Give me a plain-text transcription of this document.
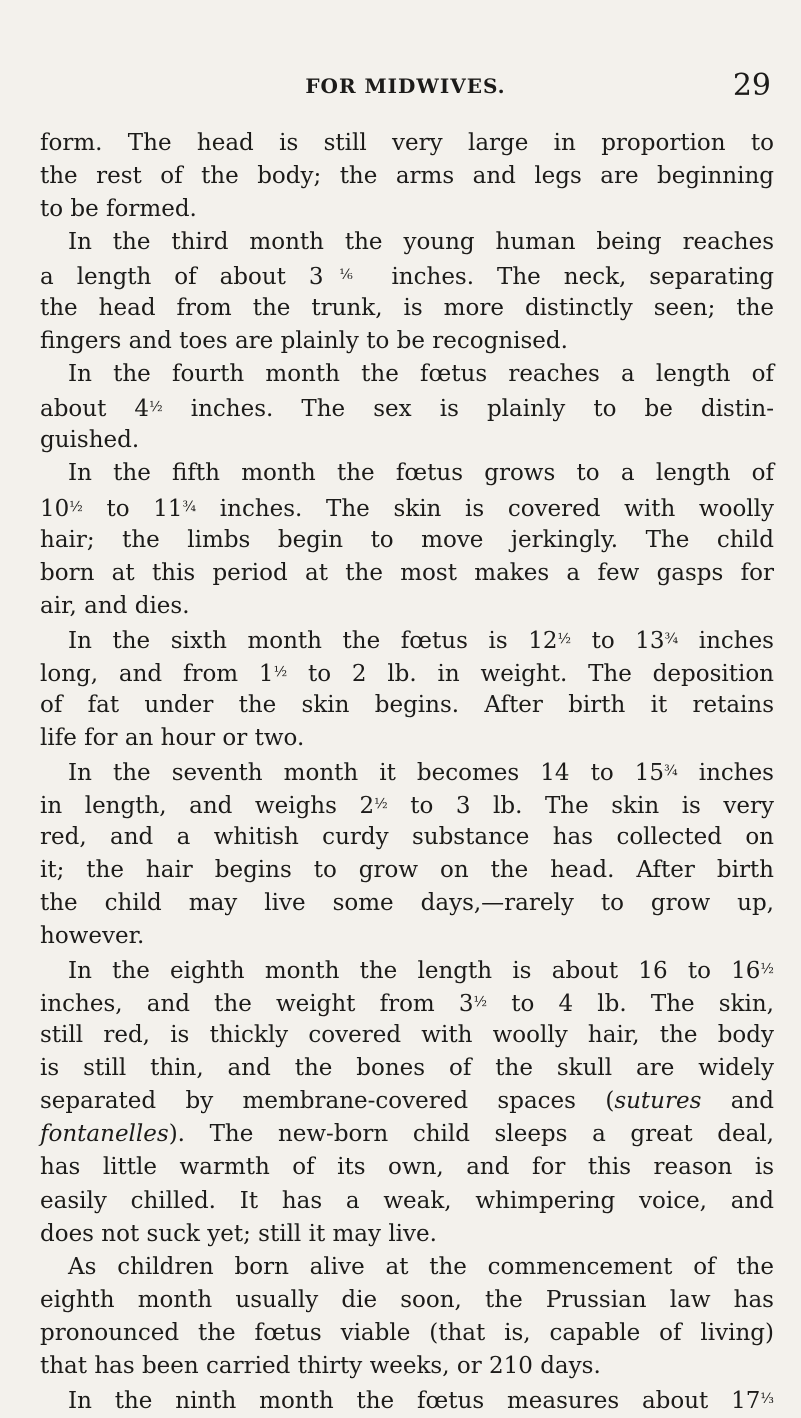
FOR MIDWIVES.	29
form. The head is still very large in proportion to
the rest of the body; the arms and legs are beginning
to be formed.
In the third month the young human being reaches
a length of about $3^{\frac{1}{6}}$ inches. The neck, separating
the head from the trunk, is more distinctly seen; the
fingers and toes are plainly to be recognised.
In the fourth month the fœtus reaches a length of
about $4^{\frac{1}{2}}$ inches. The sex is plainly to be distin-
guished.
In the fifth month the fœtus grows to a length of
$10^{\frac{1}{2}}$ to $11^{\frac{3}{4}}$ inches. The skin is covered with woolly
hair; the limbs begin to move jerkingly. The child
born at this period at the most makes a few gasps for
air, and dies.
In the sixth month the fœtus is $12^{\frac{1}{2}}$ to $13^{\frac{3}{4}}$ inches
long, and from $1^{\frac{1}{2}}$ to 2 lb. in weight. The deposition
of fat under the skin begins. After birth it retains
life for an hour or two.
In the seventh month it becomes 14 to $15^{\frac{3}{4}}$ inches
in length, and weighs $2^{\frac{1}{2}}$ to 3 lb. The skin is very
red, and a whitish curdy substance has collected on
it; the hair begins to grow on the head. After birth
the child may live some days,—rarely to grow up,
however.
In the eighth month the length is about 16 to $16^{\frac{1}{2}}$
inches, and the weight from $3^{\frac{1}{2}}$ to 4 lb. The skin,
still red, is thickly covered with woolly hair, the body
is still thin, and the bones of the skull are widely
separated by membrane-covered spaces (sutures and
fontanelles). The new-born child sleeps a great deal,
has little warmth of its own, and for this reason is
easily chilled. It has a weak, whimpering voice, and
does not suck yet; still it may live.
As children born alive at the commencement of the
eighth month usually die soon, the Prussian law has
pronounced the fœtus viable (that is, capable of living)
that has been carried thirty weeks, or 210 days.
In the ninth month the fœtus measures about $17^{\frac{1}{3}}$
